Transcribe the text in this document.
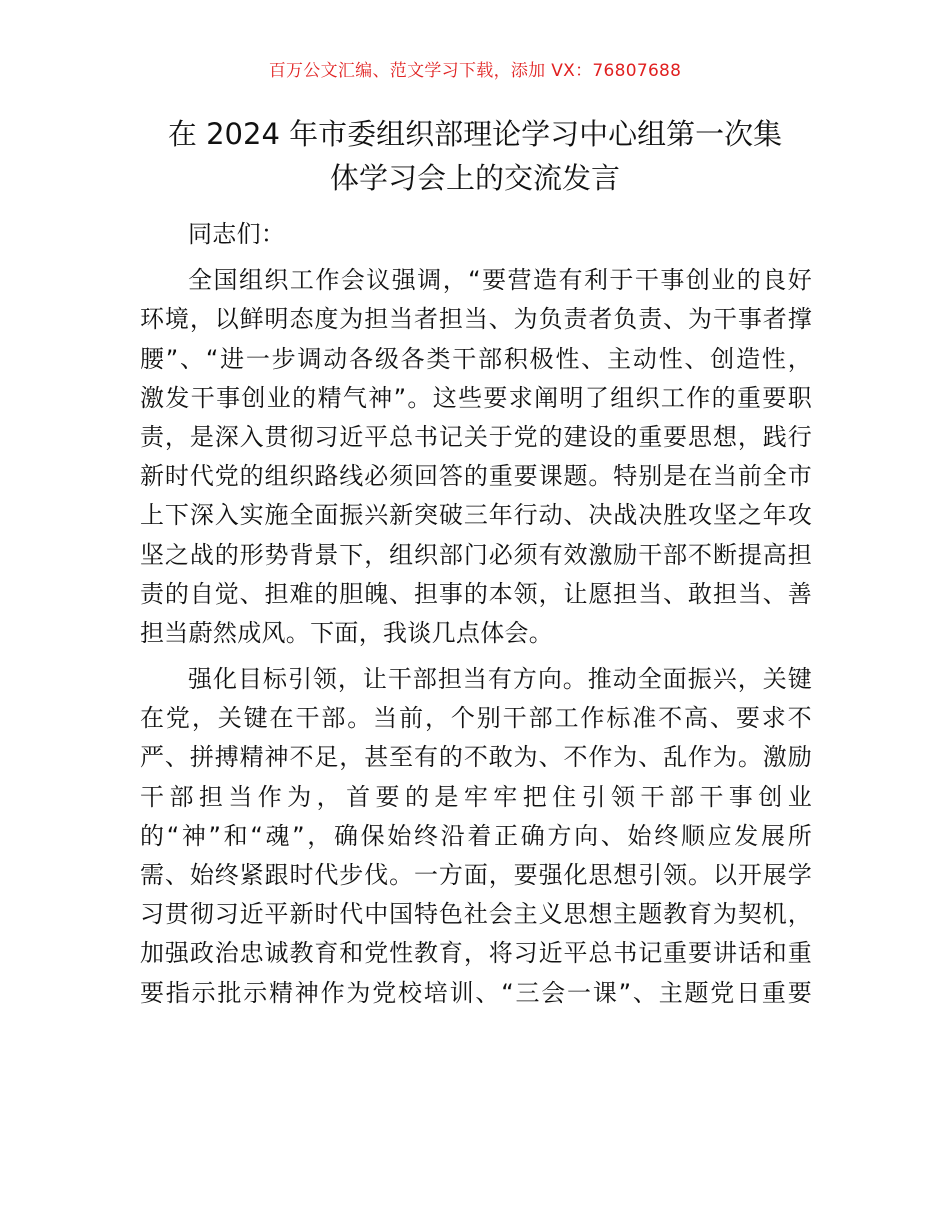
百万公文汇编、范文学习下载，添加 VX：76807688
在 2024 年市委组织部理论学习中心组第一次集
体学习会上的交流发言
同志们：
全国组织工作会议强调，“要营造有利于干事创业的良好
环境，以鲜明态度为担当者担当、为负责者负责、为干事者撑
腰”、“进一步调动各级各类干部积极性、主动性、创造性，
激发干事创业的精气神”。这些要求阐明了组织工作的重要职
责，是深入贯彻习近平总书记关于党的建设的重要思想，践行
新时代党的组织路线必须回答的重要课题。特别是在当前全市
上下深入实施全面振兴新突破三年行动、决战决胜攻坚之年攻
坚之战的形势背景下，组织部门必须有效激励干部不断提高担
责的自觉、担难的胆魄、担事的本领，让愿担当、敢担当、善
担当蔚然成风。下面，我谈几点体会。
强化目标引领，让干部担当有方向。推动全面振兴，关键
在党，关键在干部。当前，个别干部工作标准不高、要求不
严、拼搏精神不足，甚至有的不敢为、不作为、乱作为。激励
干部担当作为，首要的是牢牢把住引领干部干事创业
的“神”和“魂”，确保始终沿着正确方向、始终顺应发展所
需、始终紧跟时代步伐。一方面，要强化思想引领。以开展学
习贯彻习近平新时代中国特色社会主义思想主题教育为契机，
加强政治忠诚教育和党性教育，将习近平总书记重要讲话和重
要指示批示精神作为党校培训、“三会一课”、主题党日重要
